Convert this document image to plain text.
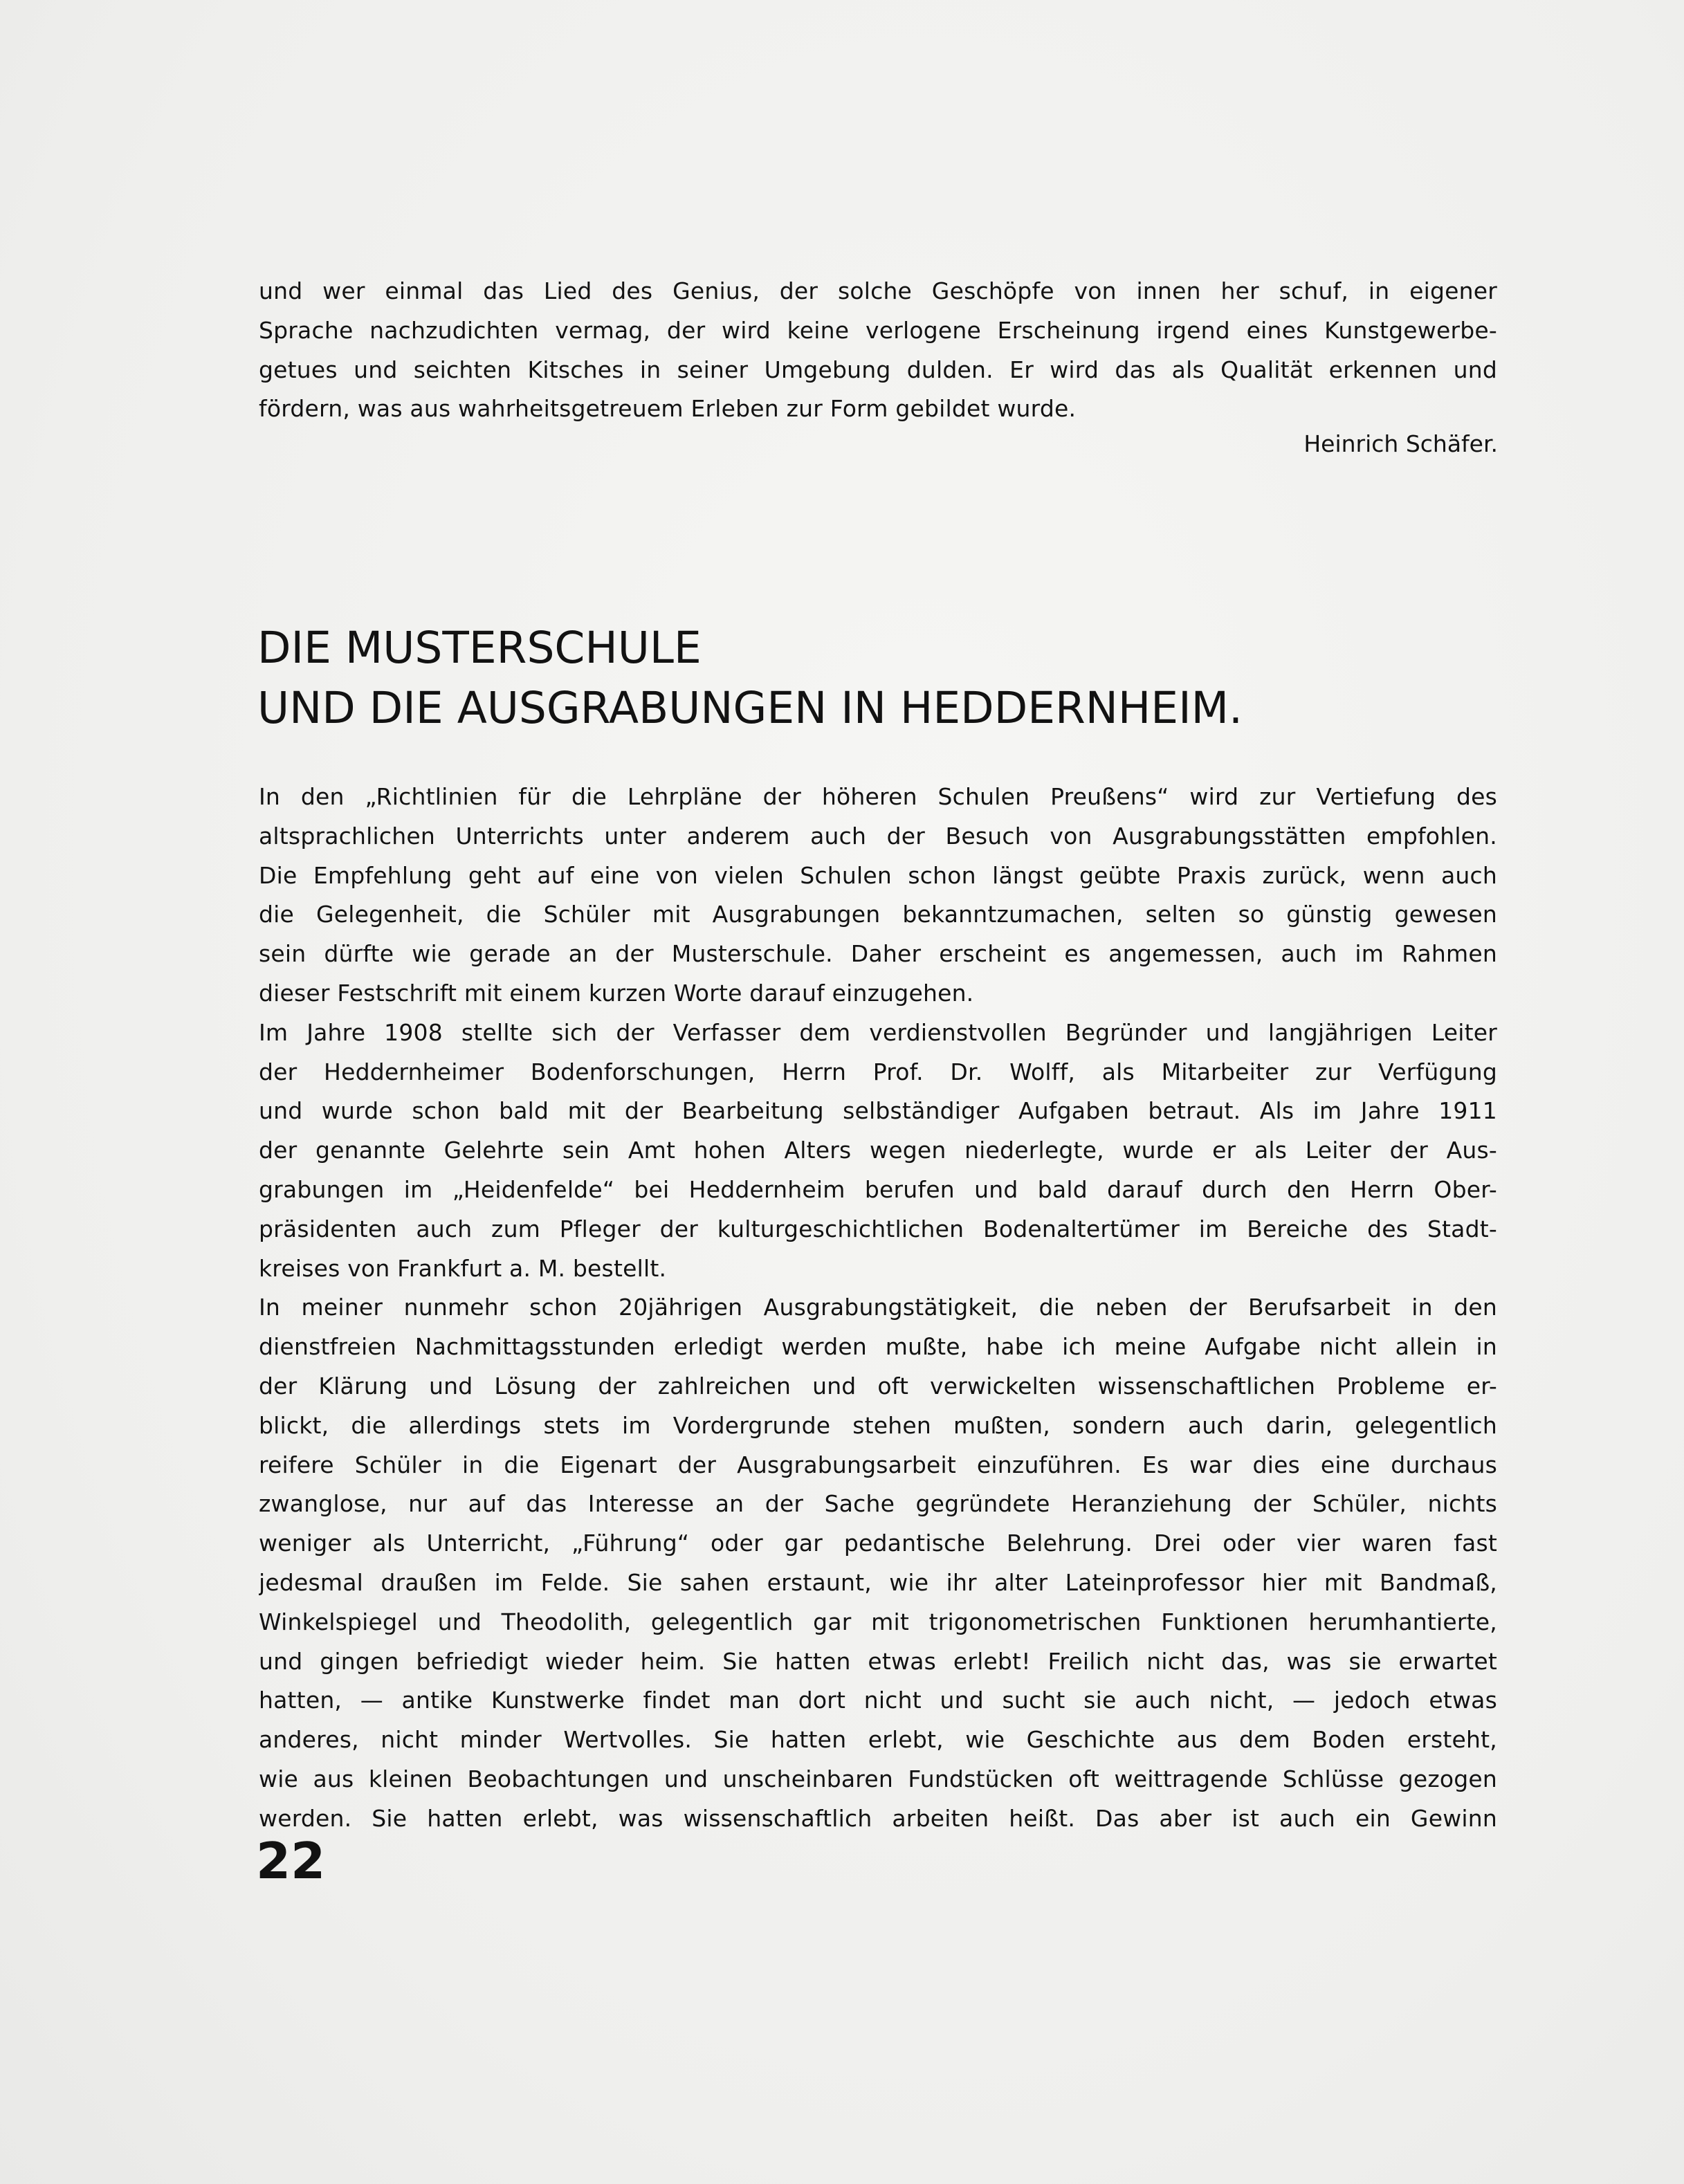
und wer einmal das Lied des Genius, der solche Geschöpfe von innen her schuf, in eigener
Sprache nachzudichten vermag, der wird keine verlogene Erscheinung irgend eines Kunstgewerbe-
getues und seichten Kitsches in seiner Umgebung dulden. Er wird das als Qualität erkennen und
fördern, was aus wahrheitsgetreuem Erleben zur Form gebildet wurde.
Heinrich Schäfer.
DIE MUSTERSCHULE
UND DIE AUSGRABUNGEN IN HEDDERNHEIM.
In den „Richtlinien für die Lehrpläne der höheren Schulen Preußens“ wird zur Vertiefung des
altsprachlichen Unterrichts unter anderem auch der Besuch von Ausgrabungsstätten empfohlen.
Die Empfehlung geht auf eine von vielen Schulen schon längst geübte Praxis zurück, wenn auch
die Gelegenheit, die Schüler mit Ausgrabungen bekanntzumachen, selten so günstig gewesen
sein dürfte wie gerade an der Musterschule. Daher erscheint es angemessen, auch im Rahmen
dieser Festschrift mit einem kurzen Worte darauf einzugehen.
Im Jahre 1908 stellte sich der Verfasser dem verdienstvollen Begründer und langjährigen Leiter
der Heddernheimer Bodenforschungen, Herrn Prof. Dr. Wolff, als Mitarbeiter zur Verfügung
und wurde schon bald mit der Bearbeitung selbständiger Aufgaben betraut. Als im Jahre 1911
der genannte Gelehrte sein Amt hohen Alters wegen niederlegte, wurde er als Leiter der Aus-
grabungen im „Heidenfelde“ bei Heddernheim berufen und bald darauf durch den Herrn Ober-
präsidenten auch zum Pfleger der kulturgeschichtlichen Bodenaltertümer im Bereiche des Stadt-
kreises von Frankfurt a. M. bestellt.
In meiner nunmehr schon 20jährigen Ausgrabungstätigkeit, die neben der Berufsarbeit in den
dienstfreien Nachmittagsstunden erledigt werden mußte, habe ich meine Aufgabe nicht allein in
der Klärung und Lösung der zahlreichen und oft verwickelten wissenschaftlichen Probleme er-
blickt, die allerdings stets im Vordergrunde stehen mußten, sondern auch darin, gelegentlich
reifere Schüler in die Eigenart der Ausgrabungsarbeit einzuführen. Es war dies eine durchaus
zwanglose, nur auf das Interesse an der Sache gegründete Heranziehung der Schüler, nichts
weniger als Unterricht, „Führung“ oder gar pedantische Belehrung. Drei oder vier waren fast
jedesmal draußen im Felde. Sie sahen erstaunt, wie ihr alter Lateinprofessor hier mit Bandmaß,
Winkelspiegel und Theodolith, gelegentlich gar mit trigonometrischen Funktionen herumhantierte,
und gingen befriedigt wieder heim. Sie hatten etwas erlebt! Freilich nicht das, was sie erwartet
hatten, — antike Kunstwerke findet man dort nicht und sucht sie auch nicht, — jedoch etwas
anderes, nicht minder Wertvolles. Sie hatten erlebt, wie Geschichte aus dem Boden ersteht,
wie aus kleinen Beobachtungen und unscheinbaren Fundstücken oft weittragende Schlüsse gezogen
werden. Sie hatten erlebt, was wissenschaftlich arbeiten heißt. Das aber ist auch ein Gewinn
22
